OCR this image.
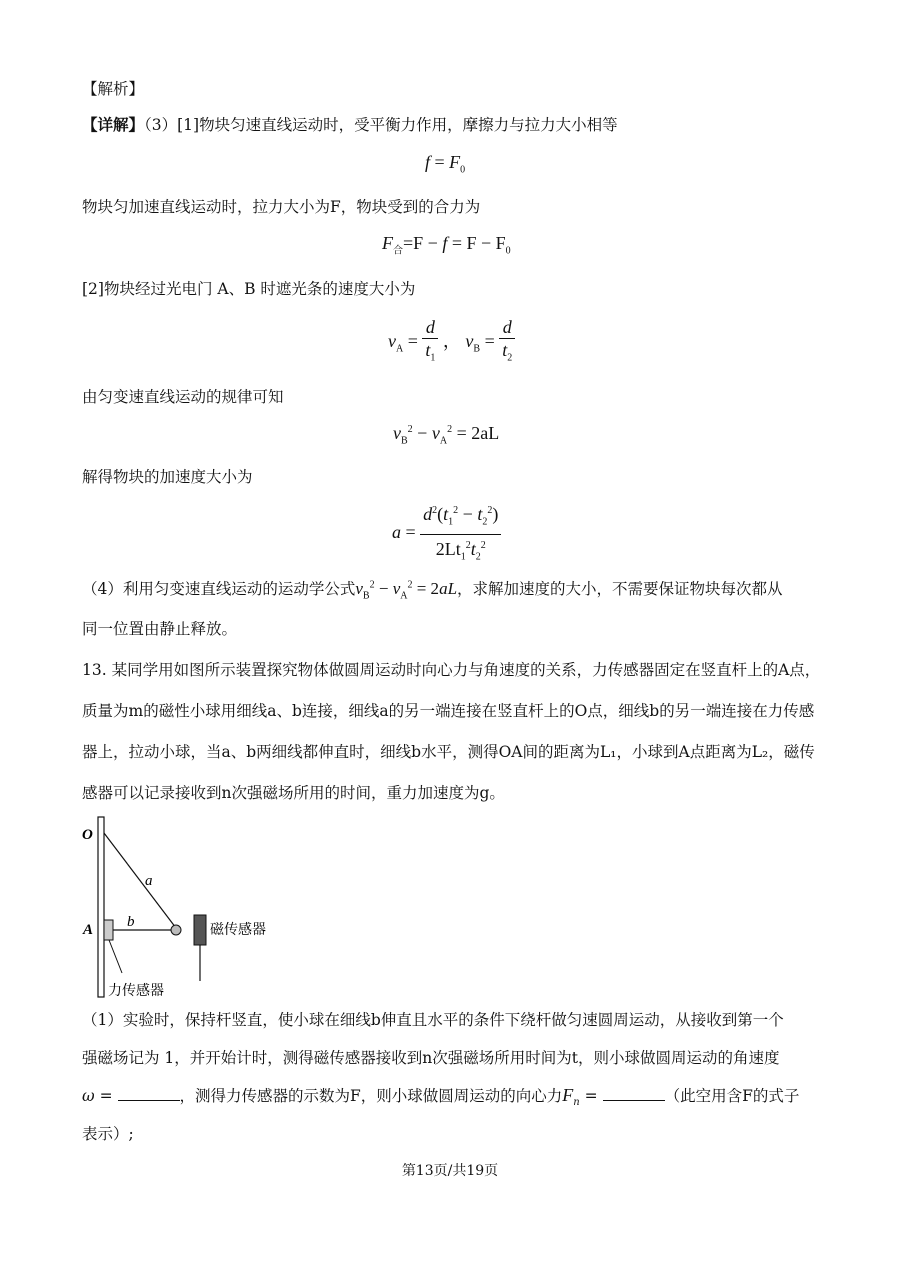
【解析】
【详解】（3）[1]物块匀速直线运动时，受平衡力作用，摩擦力与拉力大小相等
$f = F_0$
物块匀加速直线运动时，拉力大小为F，物块受到的合力为
$F_合=F - f = F - F_0$
[2]物块经过光电门 A、B 时遮光条的速度大小为
$v_A = \frac{d}{t_1}$ ， $v_B = \frac{d}{t_2}$
由匀变速直线运动的规律可知
$v_B^2 - v_A^2 = 2aL$
解得物块的加速度大小为
$a = \frac{d^2(t_1^2 - t_2^2)}{2Lt_1^2t_2^2}$
（4）利用匀变速直线运动的运动学公式$v_B^2 - v_A^2 = 2aL$，求解加速度的大小，不需要保证物块每次都从
同一位置由静止释放。
13. 某同学用如图所示装置探究物体做圆周运动时向心力与角速度的关系，力传感器固定在竖直杆上的A点，质量为m的磁性小球用细线a、b连接，细线a的另一端连接在竖直杆上的O点，细线b的另一端连接在力传感器上，拉动小球，当a、b两细线都伸直时，细线b水平，测得OA间的距离为L₁，小球到A点距离为L₂，磁传感器可以记录接收到n次强磁场所用的时间，重力加速度为g。
O
a
A b	磁传感器
力传感器
（1）实验时，保持杆竖直，使小球在细线b伸直且水平的条件下绕杆做匀速圆周运动，从接收到第一个
强磁场记为 1，并开始计时，测得磁传感器接收到n次强磁场所用时间为t，则小球做圆周运动的角速度
ω =	，测得力传感器的示数为F，则小球做圆周运动的向心力$F_n$ =	（此空用含F的式子
表示）;
第13页/共19页
